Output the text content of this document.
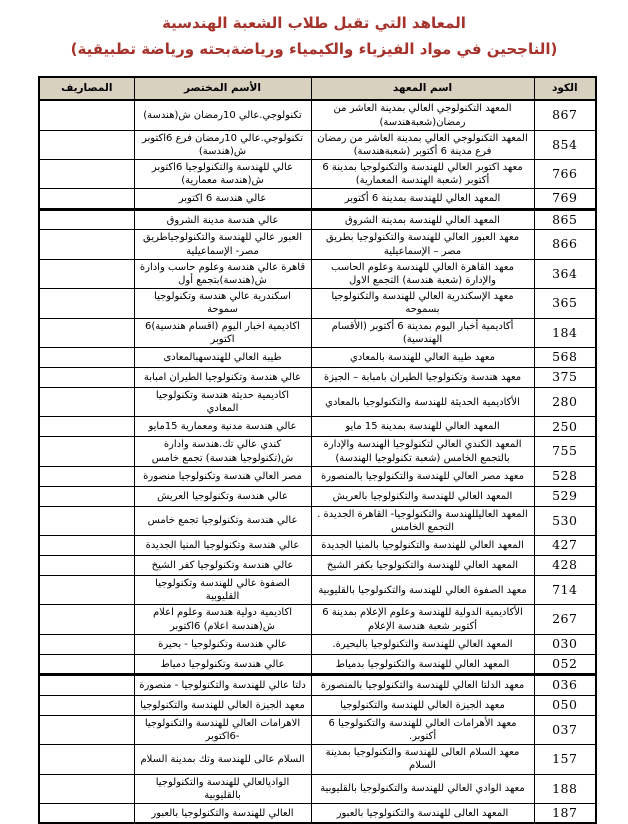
المعاهد التي تقبل طلاب الشعبة الهندسية
(الناجحين في مواد الفيزياء والكيمياء ورياضةبحته ورياضة تطبيقية)
الكود	اسم المعهد	الأسم المختصر	المصاريف
867	المعهد التكنولوجي العالي بمدينة العاشر من رمضان(شعبةهندسة)	تكنولوجي.عالي 10رمضان ش(هندسة)	
854	المعهد التكنولوجي العالي بمدينة العاشر من رمضان فرع مدينة 6 أكتوبر (شعبةهندسة)	تكنولوجي.عالي 10رمضان فرع 6اكتوبر ش(هندسة)	
766	معهد اكتوبر العالي للهندسة والتكنولوجيا بمدينة 6 أكتوبر (شعبة الهندسة المعمارية)	عالي للهندسة والتكنولوجيا 6اكتوبر ش(هندسة معمارية)	
769	المعهد العالي للهندسة بمدينة 6 أكتوبر	عالي هندسة 6 اكتوبر	
865	المعهد العالي للهندسة بمدينة الشروق	عالي هندسة مدينة الشروق	
866	معهد العبور العالي للهندسة والتكنولوجيا بطريق مصر – الإسماعيلية	العبور عالي للهندسة والتكنولوجياطريق مصر- الإسماعيلية	
364	معهد القاهرة العالي للهندسة وعلوم الحاسب والإدارة (شعبة هندسة) التجمع الاول	قاهرة عالي هندسة وعلوم حاسب وادارة ش(هندسة)بتجمع أول	
365	معهد الإسكندرية العالي للهندسة والتكنولوجيا بسموحه	اسكندرية عالي هندسة وتكنولوجيا سموحة	
184	أكاديمية أخبار اليوم بمدينة 6 أكتوبر (الأقسام الهندسية)	اكاديمية اخبار اليوم (اقسام هندسية)6 اكتوبر	
568	معهد طيبة العالي للهندسة بالمعادي	طيبة العالي للهندسهبالمعادى	
375	معهد هندسة وتكنولوجيا الطيران بامبابة – الجيزة	عالي هندسة وتكنولوجيا الطيران امبابة	
280	الأكاديمية الحديثة للهندسة والتكنولوجيا بالمعادي	اكاديمية حديثة هندسة وتكنولوجيا المعادي	
250	المعهد العالي للهندسة بمدينة 15 مايو	عالي هندسة مدنية ومعمارية 15مايو	
755	المعهد الكندي العالي لتكنولوجيا الهندسة والإدارة بالتجمع الخامس (شعبة تكنولوجيا الهندسة)	كندي عالي تك.هندسة وادارة ش(تكنولوجيا هندسة) تجمع خامس	
528	معهد مصر العالي للهندسة والتكنولوجيا بالمنصورة	مصر العالي هندسة وتكنولوجيا منصورة	
529	المعهد العالي للهندسة والتكنولوجيا بالعريش	عالي هندسة وتكنولوجيا العريش	
530	المعهد العاليللهندسة والتكنولوجيا- القاهرة الجديدة . التجمع الخامس	عالي هندسة وتكنولوجيا تجمع خامس	
427	المعهد العالي للهندسة والتكنولوجيا بالمنيا الجديدة	عالي هندسة وتكنولوجيا المنيا الجديدة	
428	المعهد العالي للهندسة والتكنولوجيا بكفر الشيخ	عالي هندسة وتكنولوجيا كفر الشيخ	
714	معهد الصفوة العالي للهندسة والتكنولوجيا بالقليوبية	الصفوة عالي للهندسة وتكنولوجيا القليوبية	
267	الأكاديمية الدولية للهندسة وعلوم الإعلام بمدينة 6 أكتوبر شعبة هندسة الإعلام	اكاديمية دولية هندسة وعلوم اعلام ش(هندسة اعلام) 6اكتوبر	
030	المعهد العالي للهندسة والتكنولوجيا بالبحيرة.	عالي هندسة وتكنولوجيا - بحيرة	
052	المعهد العالي للهندسة والتكنولوجيا بدمياط	عالي هندسة وتكنولوجيا دمياط	
036	معهد الدلتا العالي للهندسة والتكنولوجيا بالمنصورة	دلتا عالي للهندسة والتكنولوجيا - منصورة	
050	معهد الجيزة العالي للهندسة والتكنولوجيا	معهد الجيزة العالي للهندسة والتكنولوجيا	
037	معهد الأهرامات العالي للهندسة والتكنولوجيا 6 أكتوبر.	الاهرامات العالي للهندسة والتكنولوجيا -6اكتوبر	
157	معهد السلام العالى للهندسة والتكنولوجيا بمدينة السلام	السلام عالى للهندسة وتك بمدينة السلام	
188	معهد الوادي العالي للهندسة والتكنولوجيا بالقليوبية	الواديالعالي للهندسة والتكنولوجيا بالقليوبية	
187	المعهد العالى للهندسة والتكنولوجيا بالعبور	العالي للهندسة والتكنولوجيا بالعبور	
